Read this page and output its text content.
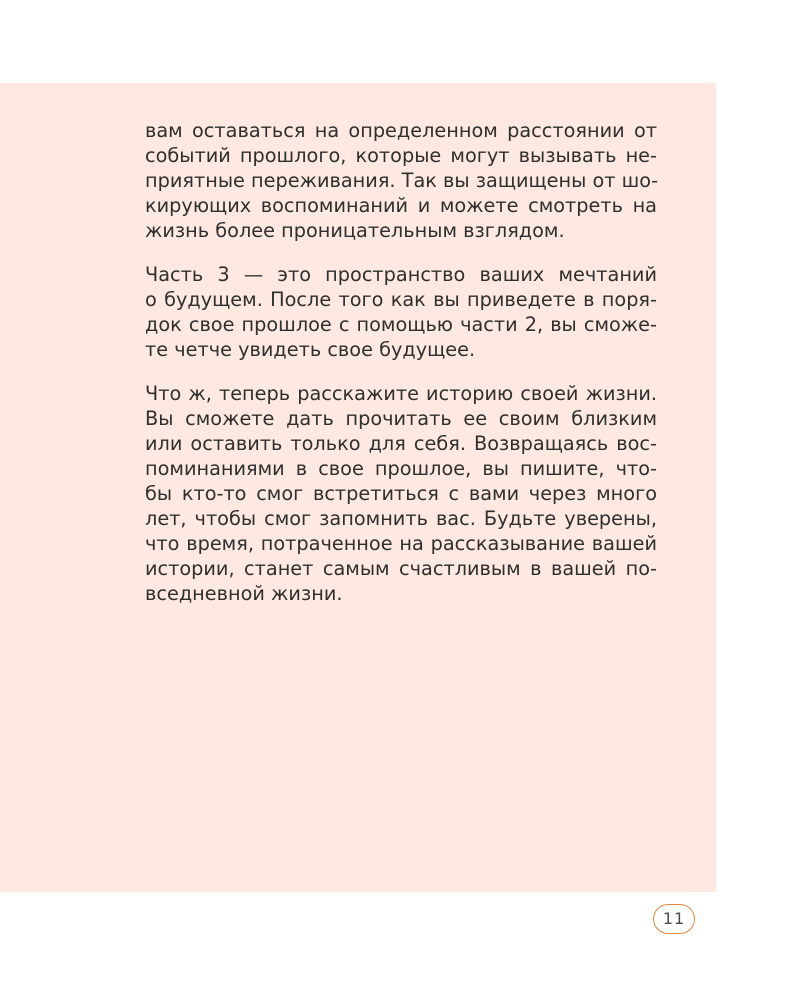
вам оставаться на определенном расстоянии от
событий прошлого, которые могут вызывать не-
приятные переживания. Так вы защищены от шо-
кирующих воспоминаний и можете смотреть на
жизнь более проницательным взглядом.

Часть 3 — это пространство ваших мечтаний
о будущем. После того как вы приведете в поря-
док свое прошлое с помощью части 2, вы сможе-
те четче увидеть свое будущее.

Что ж, теперь расскажите историю своей жизни.
Вы сможете дать прочитать ее своим близким
или оставить только для себя. Возвращаясь вос-
поминаниями в свое прошлое, вы пишите, что-
бы кто-то смог встретиться с вами через много
лет, чтобы смог запомнить вас. Будьте уверены,
что время, потраченное на рассказывание вашей
истории, станет самым счастливым в вашей по-
вседневной жизни.

11
